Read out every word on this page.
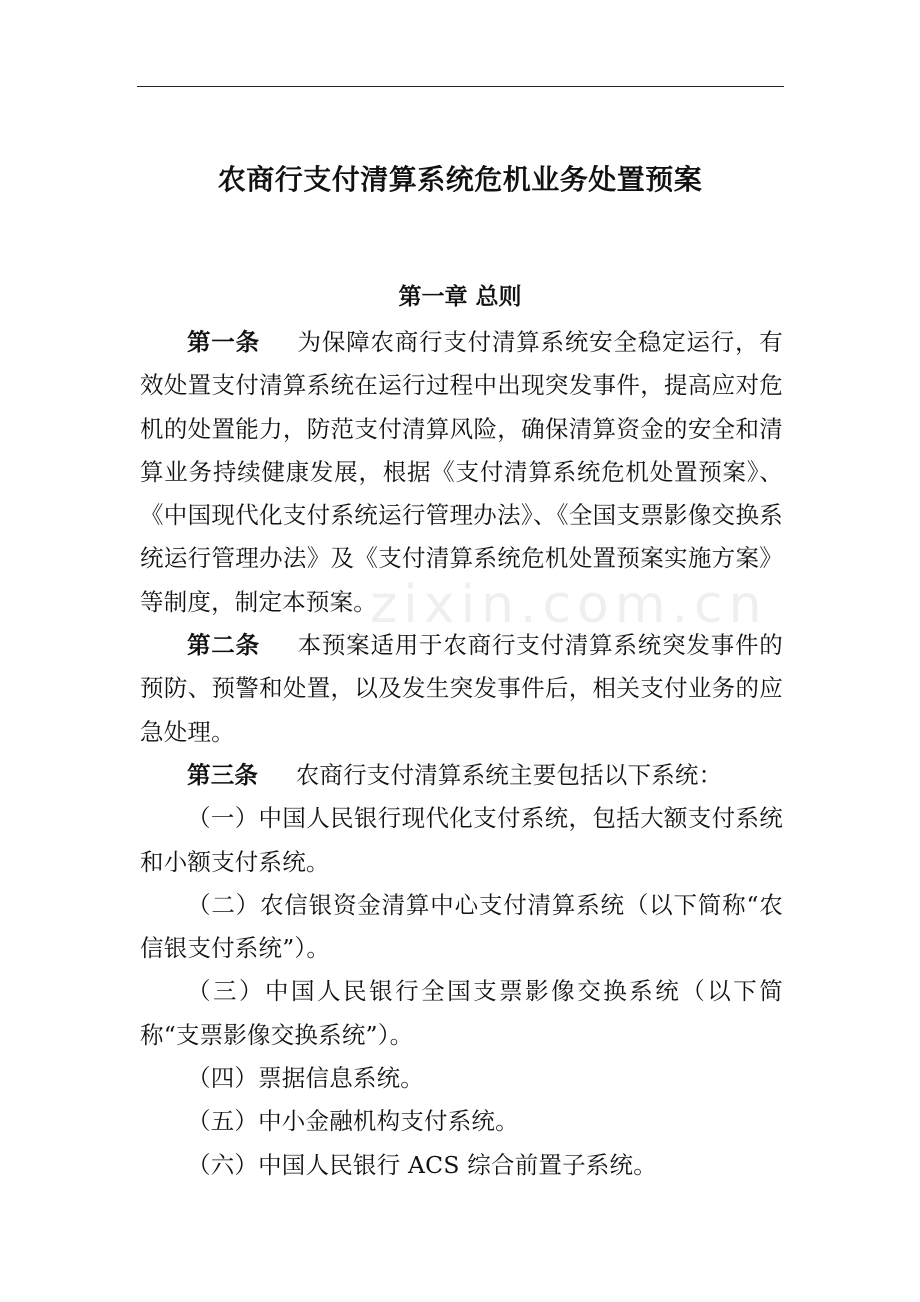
农商行支付清算系统危机业务处置预案
第一章 总则
zixin.com.cn

第一条 为保障农商行支付清算系统安全稳定运行，有效处置支付清算系统在运行过程中出现突发事件，提高应对危机的处置能力，防范支付清算风险，确保清算资金的安全和清算业务持续健康发展，根据《支付清算系统危机处置预案》、《中国现代化支付系统运行管理办法》、《全国支票影像交换系统运行管理办法》及《支付清算系统危机处置预案实施方案》等制度，制定本预案。

第二条 本预案适用于农商行支付清算系统突发事件的预防、预警和处置，以及发生突发事件后，相关支付业务的应急处理。

第三条 农商行支付清算系统主要包括以下系统：

（一）中国人民银行现代化支付系统，包括大额支付系统和小额支付系统。

（二）农信银资金清算中心支付清算系统（以下简称“农信银支付系统”）。

（三）中国人民银行全国支票影像交换系统（以下简称“支票影像交换系统”）。

（四）票据信息系统。

（五）中小金融机构支付系统。

（六）中国人民银行 ACS 综合前置子系统。
